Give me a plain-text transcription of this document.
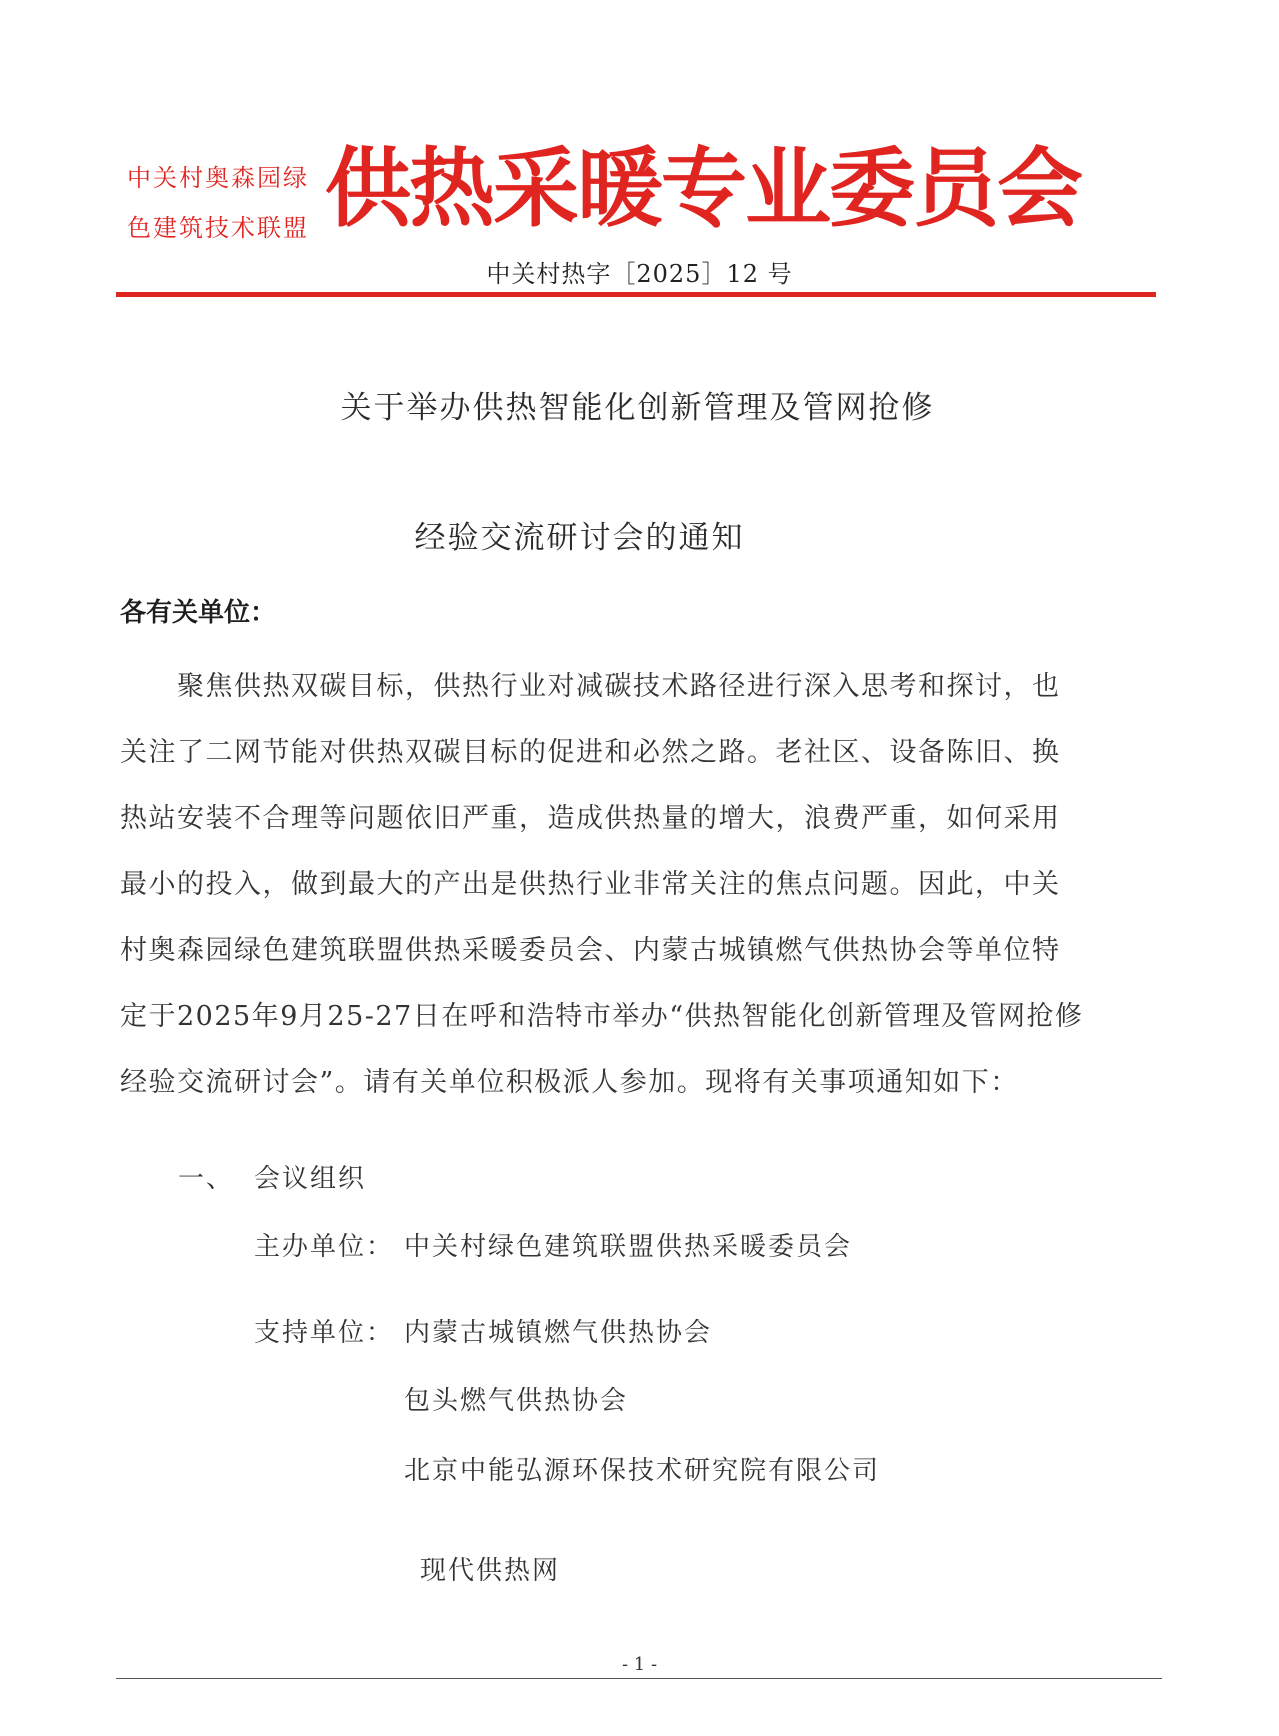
中关村奥森园绿
色建筑技术联盟 供热采暖专业委员会
中关村热字［2025］12 号
关于举办供热智能化创新管理及管网抢修
经验交流研讨会的通知
各有关单位：
　　聚焦供热双碳目标，供热行业对减碳技术路径进行深入思考和探讨，也
关注了二网节能对供热双碳目标的促进和必然之路。老社区、设备陈旧、换
热站安装不合理等问题依旧严重，造成供热量的增大，浪费严重，如何采用
最小的投入，做到最大的产出是供热行业非常关注的焦点问题。因此，中关
村奥森园绿色建筑联盟供热采暖委员会、内蒙古城镇燃气供热协会等单位特
定于2025年9月25-27日在呼和浩特市举办“供热智能化创新管理及管网抢修
经验交流研讨会”。请有关单位积极派人参加。现将有关事项通知如下：
一、 会议组织
主办单位： 中关村绿色建筑联盟供热采暖委员会
支持单位： 内蒙古城镇燃气供热协会
包头燃气供热协会
北京中能弘源环保技术研究院有限公司
现代供热网
- 1 -
